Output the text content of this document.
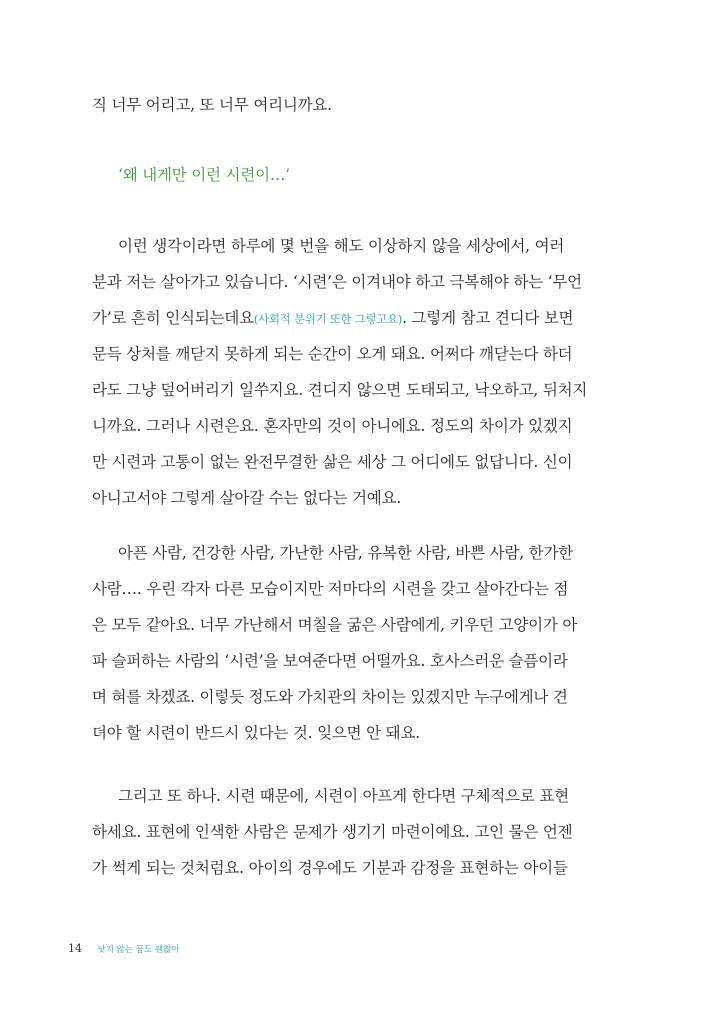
직 너무 어리고, 또 너무 여리니까요.
‘왜 내게만 이런 시련이…’
이런 생각이라면 하루에 몇 번을 해도 이상하지 않을 세상에서, 여러
분과 저는 살아가고 있습니다. ‘시련’은 이겨내야 하고 극복해야 하는 ‘무언
가’로 흔히 인식되는데요(사회적 분위기 또한 그렇고요). 그렇게 참고 견디다 보면
문득 상처를 깨닫지 못하게 되는 순간이 오게 돼요. 어쩌다 깨닫는다 하더
라도 그냥 덮어버리기 일쑤지요. 견디지 않으면 도태되고, 낙오하고, 뒤처지
니까요. 그러나 시련은요. 혼자만의 것이 아니에요. 정도의 차이가 있겠지
만 시련과 고통이 없는 완전무결한 삶은 세상 그 어디에도 없답니다. 신이
아니고서야 그렇게 살아갈 수는 없다는 거예요.
아픈 사람, 건강한 사람, 가난한 사람, 유복한 사람, 바쁜 사람, 한가한
사람…. 우린 각자 다른 모습이지만 저마다의 시련을 갖고 살아간다는 점
은 모두 같아요. 너무 가난해서 며칠을 굶은 사람에게, 키우던 고양이가 아
파 슬퍼하는 사람의 ‘시련’을 보여준다면 어떨까요. 호사스러운 슬픔이라
며 혀를 차겠죠. 이렇듯 정도와 가치관의 차이는 있겠지만 누구에게나 견
뎌야 할 시련이 반드시 있다는 것. 잊으면 안 돼요.
그리고 또 하나. 시련 때문에, 시련이 아프게 한다면 구체적으로 표현
하세요. 표현에 인색한 사람은 문제가 생기기 마련이에요. 고인 물은 언젠
가 썩게 되는 것처럼요. 아이의 경우에도 기분과 감정을 표현하는 아이들
14 낫지 않는 꿈도 괜찮아
